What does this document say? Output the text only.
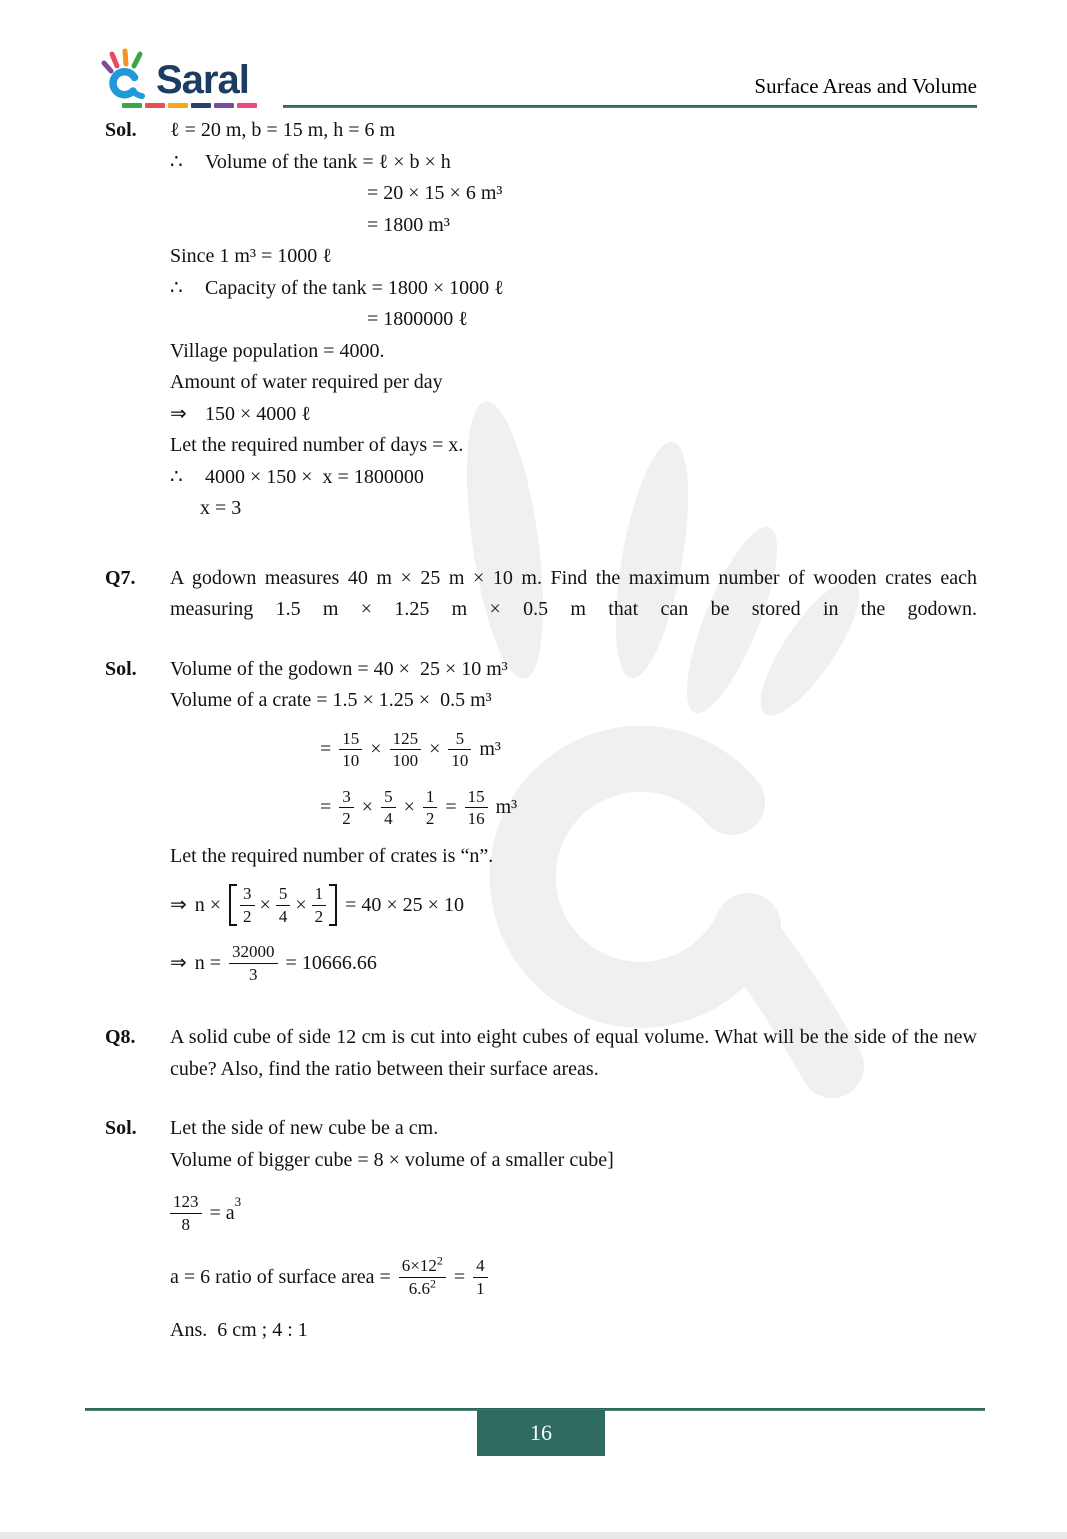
Saral	Surface Areas and Volume
Sol.	ℓ = 20 m, b = 15 m, h = 6 m
∴	Volume of the tank = ℓ × b × h
= 20 × 15 × 6 m³
= 1800 m³
Since 1 m³ = 1000 ℓ
∴	Capacity of the tank = 1800 × 1000 ℓ
= 1800000 ℓ
Village population = 4000.
Amount of water required per day
⇒ 150 × 4000 ℓ
Let the required number of days = x.
∴	4000 × 150 ×  x = 1800000
x = 3
Q7.	A godown measures 40 m × 25 m × 10 m. Find the maximum number of wooden crates each measuring 1.5 m × 1.25 m × 0.5 m that can be stored in the godown.
Sol.	Volume of the godown = 40 ×  25 × 10 m³
Volume of a crate = 1.5 × 1.25 ×  0.5 m³
= $\frac{15}{10} \times \frac{125}{100} \times \frac{5}{10} m^3$
= $\frac{3}{2} \times \frac{5}{4} \times \frac{1}{2} = \frac{15}{16} m^3$
Let the required number of crates is “n”.
⇒ $n \times \frac{3}{2} \times \frac{5}{4} \times \frac{1}{2} = 40 \times 25 \times 10$
⇒ $n = \frac{32000}{3} = 10666.66$
Q8.	A solid cube of side 12 cm is cut into eight cubes of equal volume. What will be the side of the new cube? Also, find the ratio between their surface areas.
Sol.	Let the side of new cube be a cm.
Volume of bigger cube = 8 × volume of a smaller cube]
$\frac{123}{8} = a$
3
a = 6 ratio of surface area = $\frac{6\times 12^2}{6.6^2} = \frac{4}{1}$
Ans.  6 cm ; 4 : 1
16
